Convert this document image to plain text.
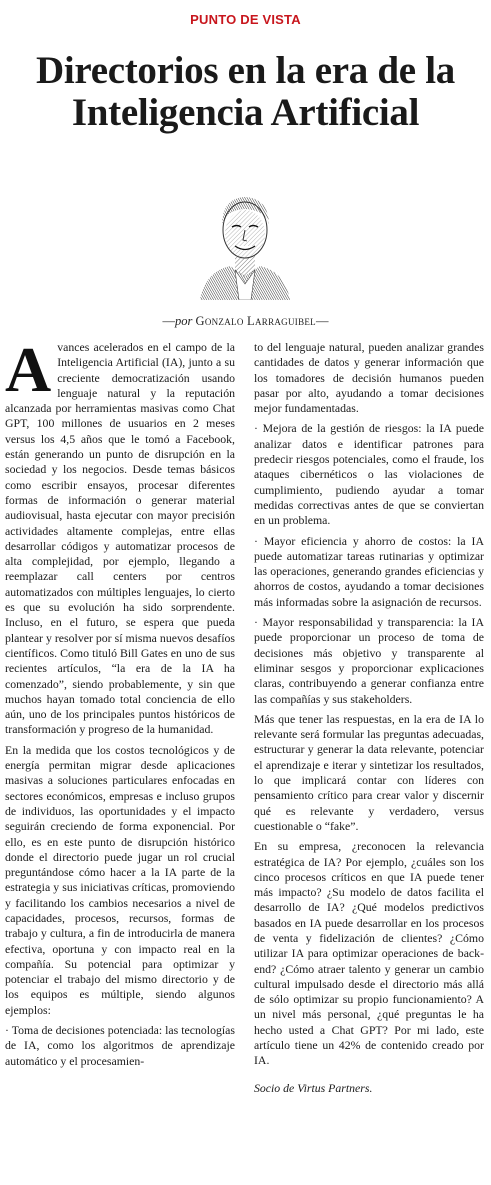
PUNTO DE VISTA
Directorios en la era de la
Inteligencia Artificial
—por Gonzalo Larraguibel—
A vances acelerados en el campo de la Inteligencia Artificial (IA), junto a su creciente democratización usando lenguaje natural y la reputación alcanzada por herramientas masivas como Chat GPT, 100 millones de usuarios en 2 meses versus los 4,5 años que le tomó a Facebook, están generando un punto de disrupción en la sociedad y los negocios. Desde temas básicos como escribir ensayos, procesar diferentes formas de información o generar material audiovisual, hasta ejecutar con mayor precisión actividades altamente complejas, entre ellas desarrollar códigos y automatizar procesos de alta complejidad, por ejemplo, llegando a reemplazar call centers por centros automatizados con múltiples lenguajes, lo cierto es que su evolución ha sido sorprendente. Incluso, en el futuro, se espera que pueda plantear y resolver por sí misma nuevos desafíos científicos. Como tituló Bill Gates en uno de sus recientes artículos, “la era de la IA ha comenzado”, siendo probablemente, y sin que muchos hayan tomado total conciencia de ello aún, uno de los principales puntos históricos de transformación y progreso de la humanidad.

En la medida que los costos tecnológicos y de energía permitan migrar desde aplicaciones masivas a soluciones particulares enfocadas en sectores económicos, empresas e incluso grupos de individuos, las oportunidades y el impacto seguirán creciendo de forma exponencial. Por ello, es en este punto de disrupción histórico donde el directorio puede jugar un rol crucial preguntándose cómo hacer a la IA parte de la estrategia y sus iniciativas críticas, promoviendo y facilitando los cambios necesarios a nivel de capacidades, procesos, recursos, formas de trabajo y cultura, a fin de introducirla de manera efectiva, oportuna y con impacto real en la compañía. Su potencial para optimizar y potenciar el trabajo del mismo directorio y de los equipos es múltiple, siendo algunos ejemplos:

· Toma de decisiones potenciada: las tecnologías de IA, como los algoritmos de aprendizaje automático y el procesamien-

to del lenguaje natural, pueden analizar grandes cantidades de datos y generar información que los tomadores de decisión humanos pueden pasar por alto, ayudando a tomar decisiones mejor fundamentadas.

· Mejora de la gestión de riesgos: la IA puede analizar datos e identificar patrones para predecir riesgos potenciales, como el fraude, los ataques cibernéticos o las violaciones de cumplimiento, pudiendo ayudar a tomar medidas correctivas antes de que se conviertan en un problema.

· Mayor eficiencia y ahorro de costos: la IA puede automatizar tareas rutinarias y optimizar las operaciones, generando grandes eficiencias y ahorros de costos, ayudando a tomar decisiones más informadas sobre la asignación de recursos.

· Mayor responsabilidad y transparencia: la IA puede proporcionar un proceso de toma de decisiones más objetivo y transparente al eliminar sesgos y proporcionar explicaciones claras, contribuyendo a generar confianza entre las compañías y sus stakeholders.

Más que tener las respuestas, en la era de IA lo relevante será formular las preguntas adecuadas, estructurar y generar la data relevante, potenciar el aprendizaje e iterar y sintetizar los resultados, lo que implicará contar con líderes con pensamiento crítico para crear valor y discernir qué es relevante y verdadero, versus cuestionable o “fake”.

En su empresa, ¿reconocen la relevancia estratégica de IA? Por ejemplo, ¿cuáles son los cinco procesos críticos en que IA puede tener más impacto? ¿Su modelo de datos facilita el desarrollo de IA? ¿Qué modelos predictivos basados en IA puede desarrollar en los procesos de venta y fidelización de clientes? ¿Cómo utilizar IA para optimizar operaciones de back-end? ¿Cómo atraer talento y generar un cambio cultural impulsado desde el directorio más allá de sólo optimizar su propio funcionamiento? A un nivel más personal, ¿qué preguntas le ha hecho usted a Chat GPT? Por mi lado, este artículo tiene un 42% de contenido creado por IA.

Socio de Virtus Partners.
